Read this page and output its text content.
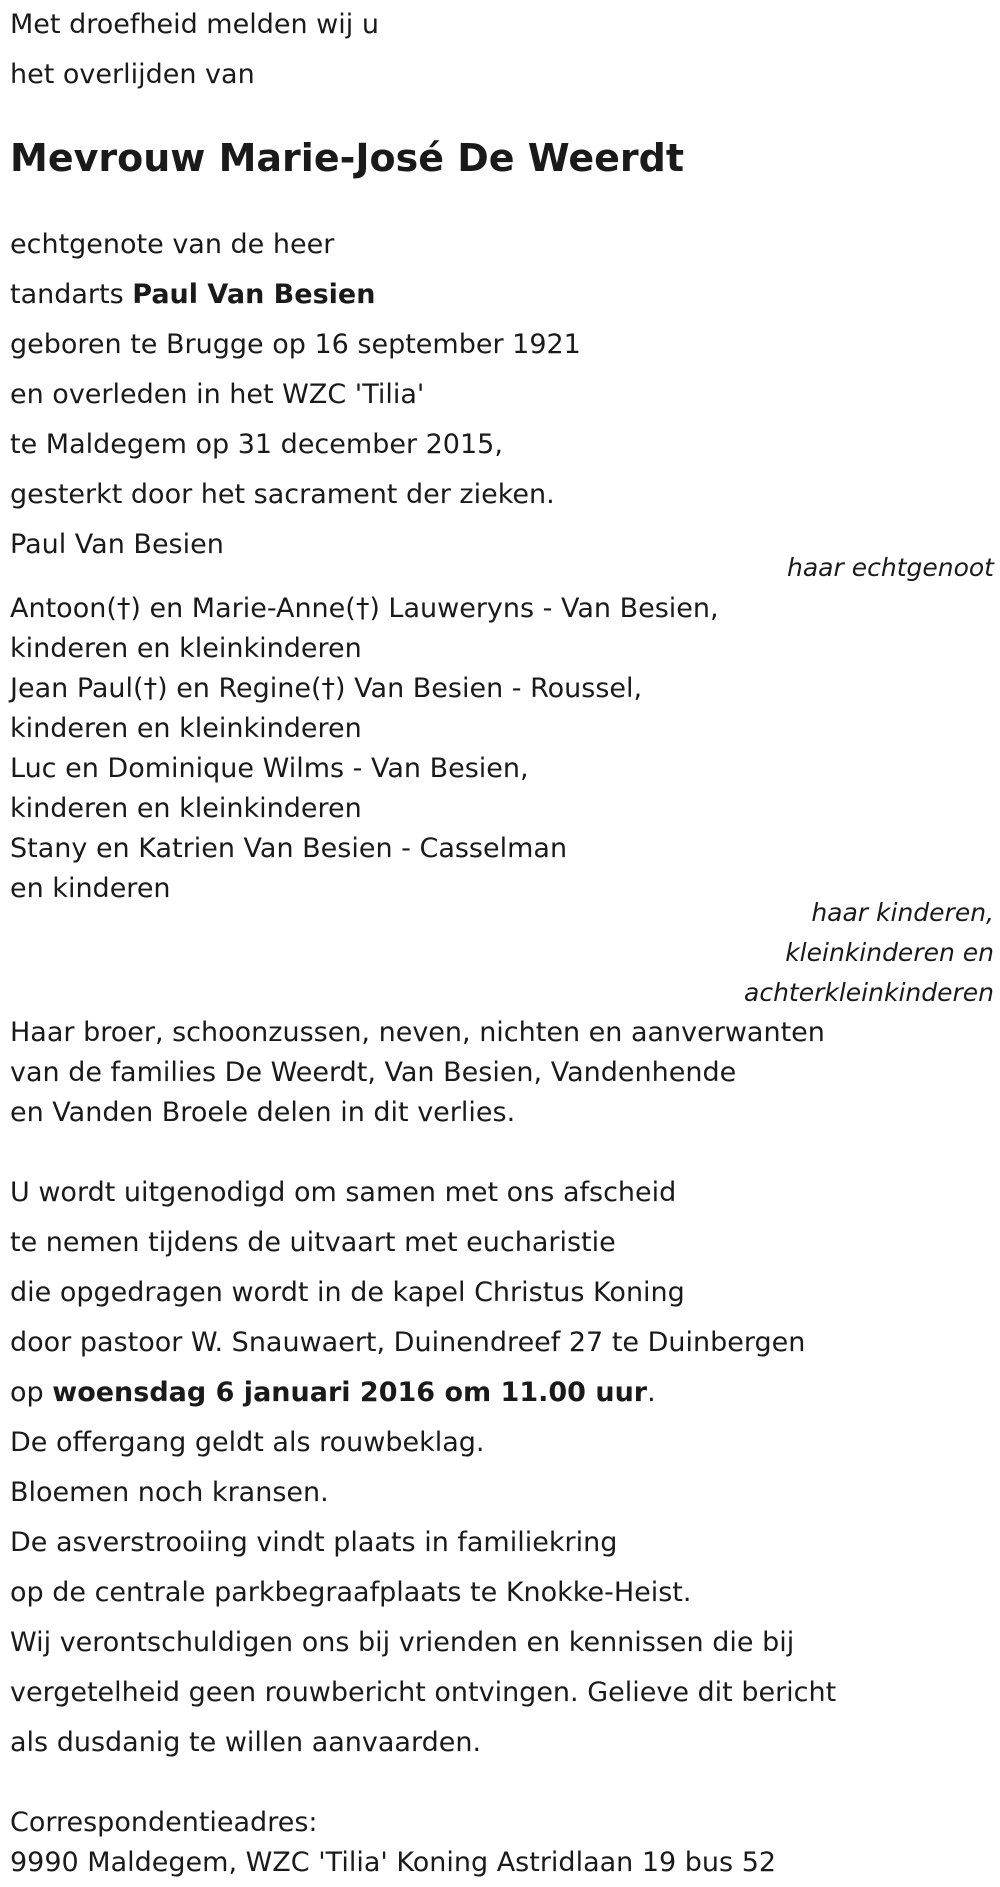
Met droefheid melden wij u
het overlijden van
Mevrouw Marie-José De Weerdt
echtgenote van de heer
tandarts Paul Van Besien
geboren te Brugge op 16 september 1921
en overleden in het WZC 'Tilia'
te Maldegem op 31 december 2015,
gesterkt door het sacrament der zieken.
Paul Van Besien
haar echtgenoot
Antoon(†) en Marie-Anne(†) Lauweryns - Van Besien,
kinderen en kleinkinderen
Jean Paul(†) en Regine(†) Van Besien - Roussel,
kinderen en kleinkinderen
Luc en Dominique Wilms - Van Besien,
kinderen en kleinkinderen
Stany en Katrien Van Besien - Casselman
en kinderen
haar kinderen,
kleinkinderen en
achterkleinkinderen
Haar broer, schoonzussen, neven, nichten en aanverwanten
van de families De Weerdt, Van Besien, Vandenhende
en Vanden Broele delen in dit verlies.
U wordt uitgenodigd om samen met ons afscheid
te nemen tijdens de uitvaart met eucharistie
die opgedragen wordt in de kapel Christus Koning
door pastoor W. Snauwaert, Duinendreef 27 te Duinbergen
op woensdag 6 januari 2016 om 11.00 uur.
De offergang geldt als rouwbeklag.
Bloemen noch kransen.
De asverstrooiing vindt plaats in familiekring
op de centrale parkbegraafplaats te Knokke-Heist.
Wij verontschuldigen ons bij vrienden en kennissen die bij
vergetelheid geen rouwbericht ontvingen. Gelieve dit bericht
als dusdanig te willen aanvaarden.
Correspondentieadres:
9990 Maldegem, WZC 'Tilia' Koning Astridlaan 19 bus 52
